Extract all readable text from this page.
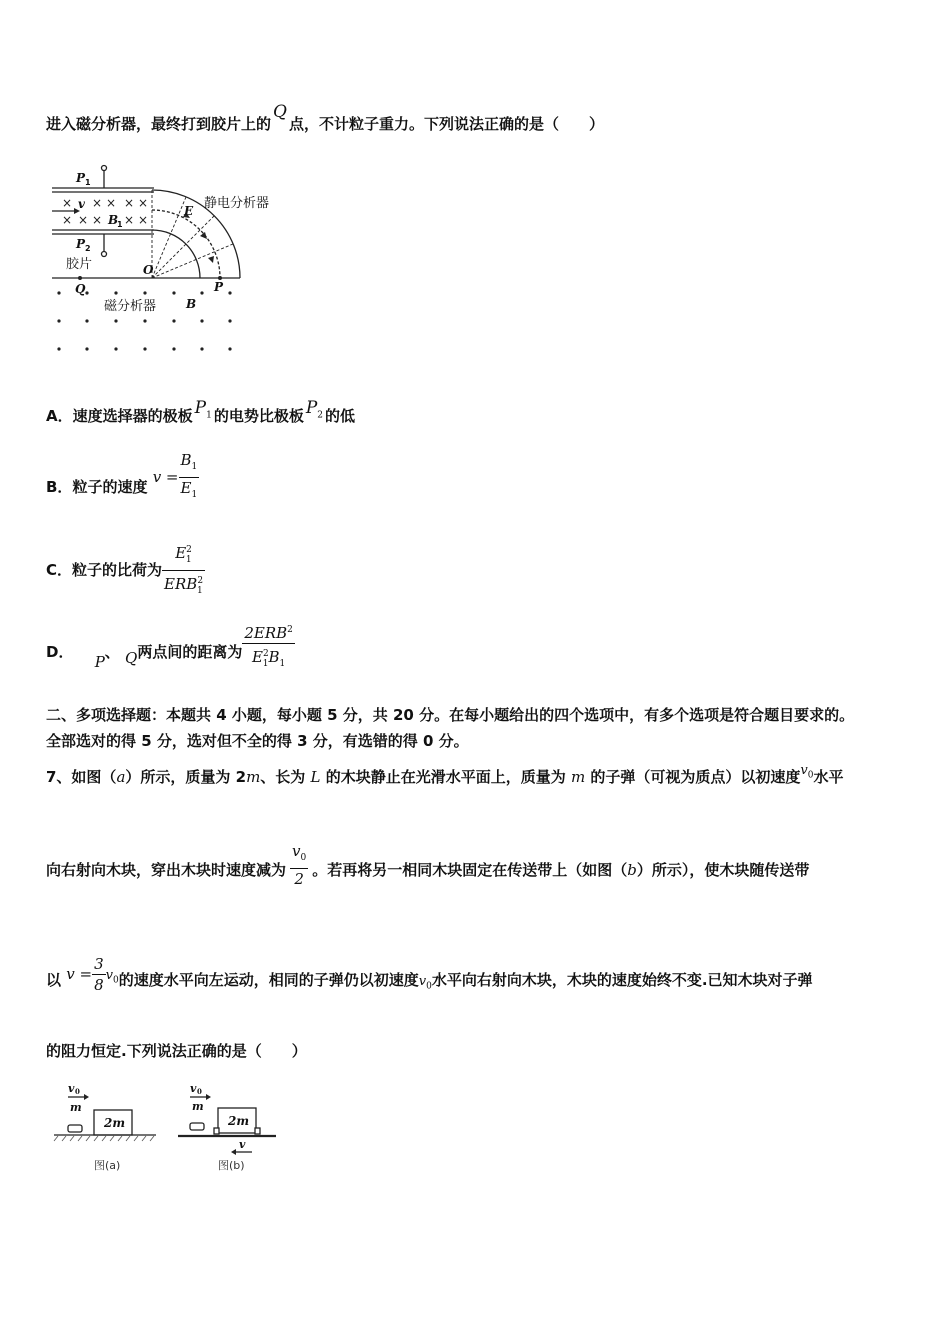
进入磁分析器，最终打到胶片上的Q点，不计粒子重力。下列说法正确的是（　　）
× × × × ×
× × × × ×
P 1
v
B
1
P 2
静电分析器
E
胶片	O
Q	P
磁分析器 B
A．速度选择器的极板 $P_1$ 的电势比极板 $P_2$ 的低
B．粒子的速度 $v = \frac{B_1}{E_1}$
C．粒子的比荷为 $\frac{E^2_1}{ERB^2_1}$
D． P、 Q两点间的距离为 $\frac{2ERB^2}{E^2_1B_1}$
二、多项选择题：本题共 4 小题，每小题 5 分，共 20 分。在每小题给出的四个选项中，有多个选项是符合题目要求的。
全部选对的得 5 分，选对但不全的得 3 分，有选错的得 0 分。
7、如图（a）所示，质量为 2m、长为 L 的木块静止在光滑水平面上，质量为 m 的子弹（可视为质点）以初速度$v_0$水平
向右射向木块，穿出木块时速度减为 $\frac{v_0}{2}$ 。若再将另一相同木块固定在传送带上（如图（b）所示），使木块随传送带
以 $v = \frac{3}{8} v_0$的速度水平向左运动，相同的子弹仍以初速度$v_0$水平向右射向木块，木块的速度始终不变.已知木块对子弹
的阻力恒定.下列说法正确的是（　　）
v 0
m
2m
图(a)
v 0
m
2m
v
图(b)
